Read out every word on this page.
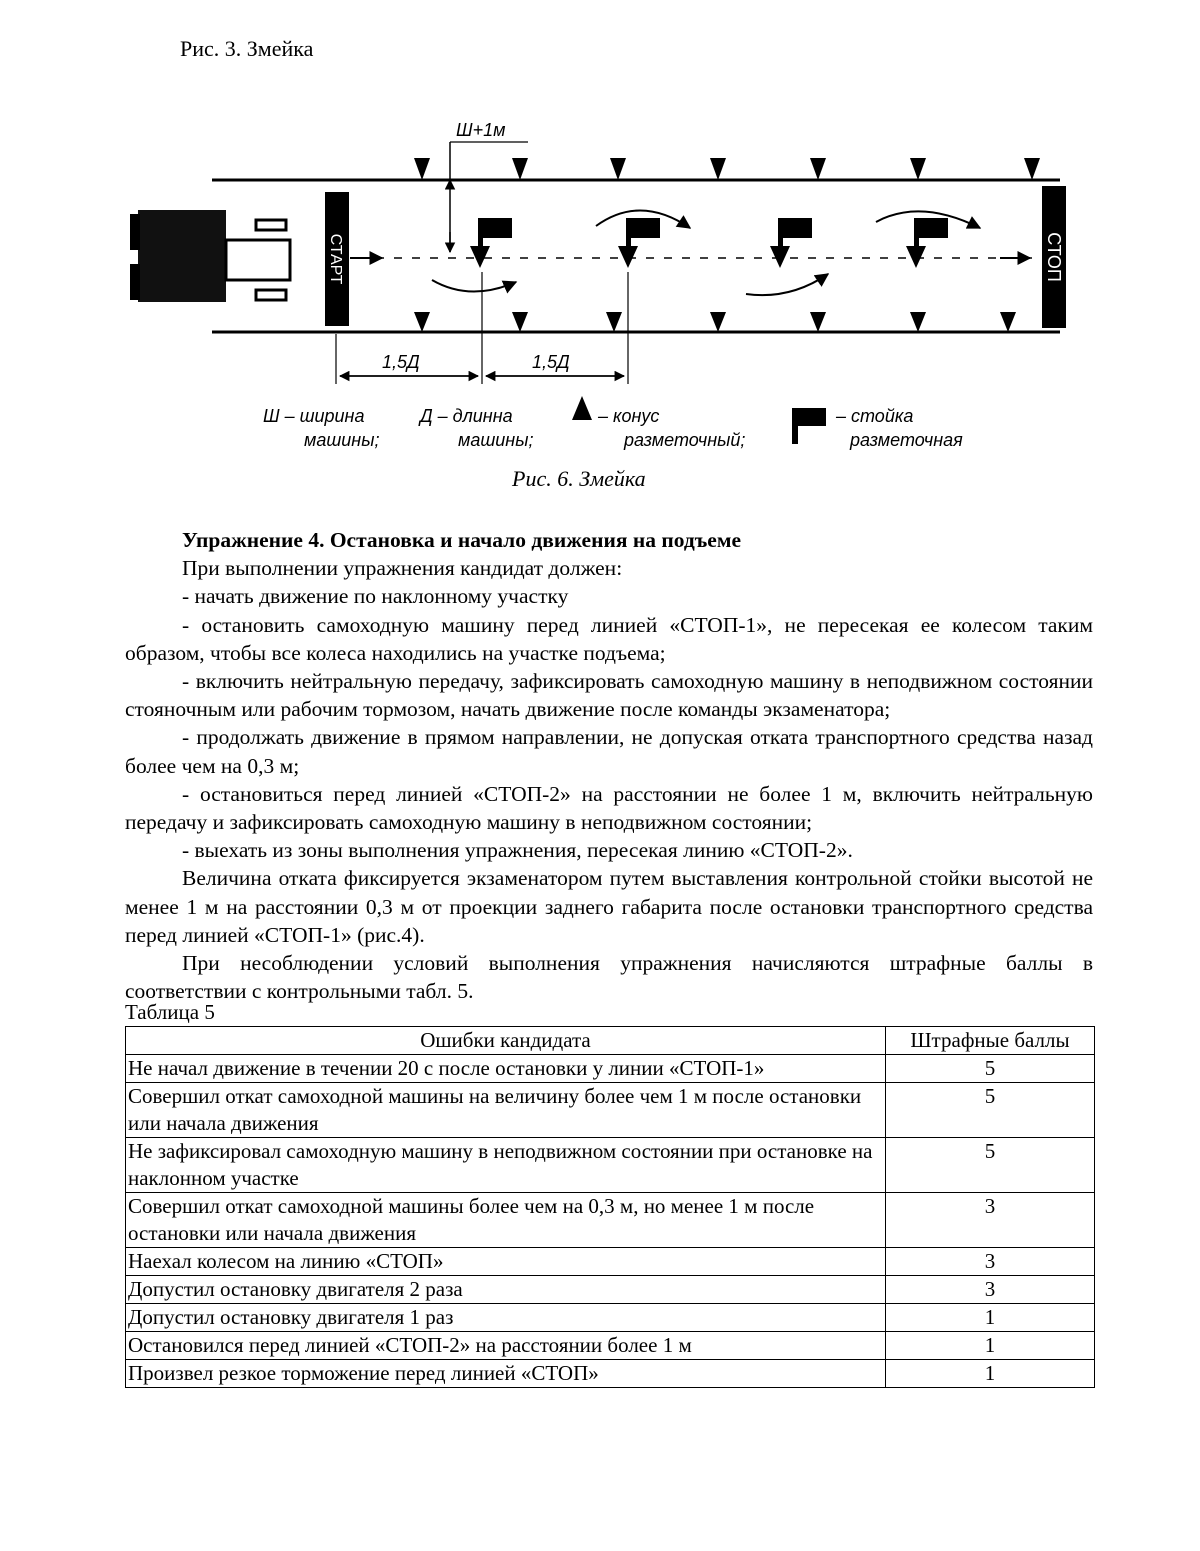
Рис. 3. Змейка
СТАРТ	СТОП
Ш+1м
1,5Д	1,5Д
Ш – ширина
машины;
Д – длинна
машины;
– конус
разметочный;
– стойка
разметочная
Рис. 6. Змейка

Упражнение 4. Остановка и начало движения на подъеме

При выполнении упражнения кандидат должен:

- начать движение по наклонному участку

- остановить самоходную машину перед линией «СТОП-1», не пересекая ее колесом таким образом, чтобы все колеса находились на участке подъема;

- включить нейтральную передачу, зафиксировать самоходную машину в неподвижном состоянии стояночным или рабочим тормозом, начать движение после команды экзаменатора;

- продолжать движение в прямом направлении, не допуская отката транспортного средства назад более чем на 0,3 м;

- остановиться перед линией «СТОП-2» на расстоянии не более 1 м, включить нейтральную передачу и зафиксировать самоходную машину в неподвижном состоянии;

- выехать из зоны выполнения упражнения, пересекая линию «СТОП-2».

Величина отката фиксируется экзаменатором путем выставления контрольной стойки высотой не менее 1 м на расстоянии 0,3 м от проекции заднего габарита после остановки транспортного средства перед линией «СТОП-1» (рис.4).

При несоблюдении условий выполнения упражнения начисляются штрафные баллы в соответствии с контрольными табл. 5.

Таблица 5
Ошибки кандидата	Штрафные баллы
Не начал движение в течении 20 с после остановки у линии «СТОП-1»	5
Совершил откат самоходной машины на величину более чем 1 м после остановки или начала движения	5
Не зафиксировал самоходную машину в неподвижном состоянии при остановке на наклонном участке	5
Совершил откат самоходной машины более чем на 0,3 м, но менее 1 м после остановки или начала движения	3
Наехал колесом на линию «СТОП»	3
Допустил остановку двигателя 2 раза	3
Допустил остановку двигателя 1 раз	1
Остановился перед линией «СТОП-2» на расстоянии более 1 м	1
Произвел резкое торможение перед линией «СТОП»	1
